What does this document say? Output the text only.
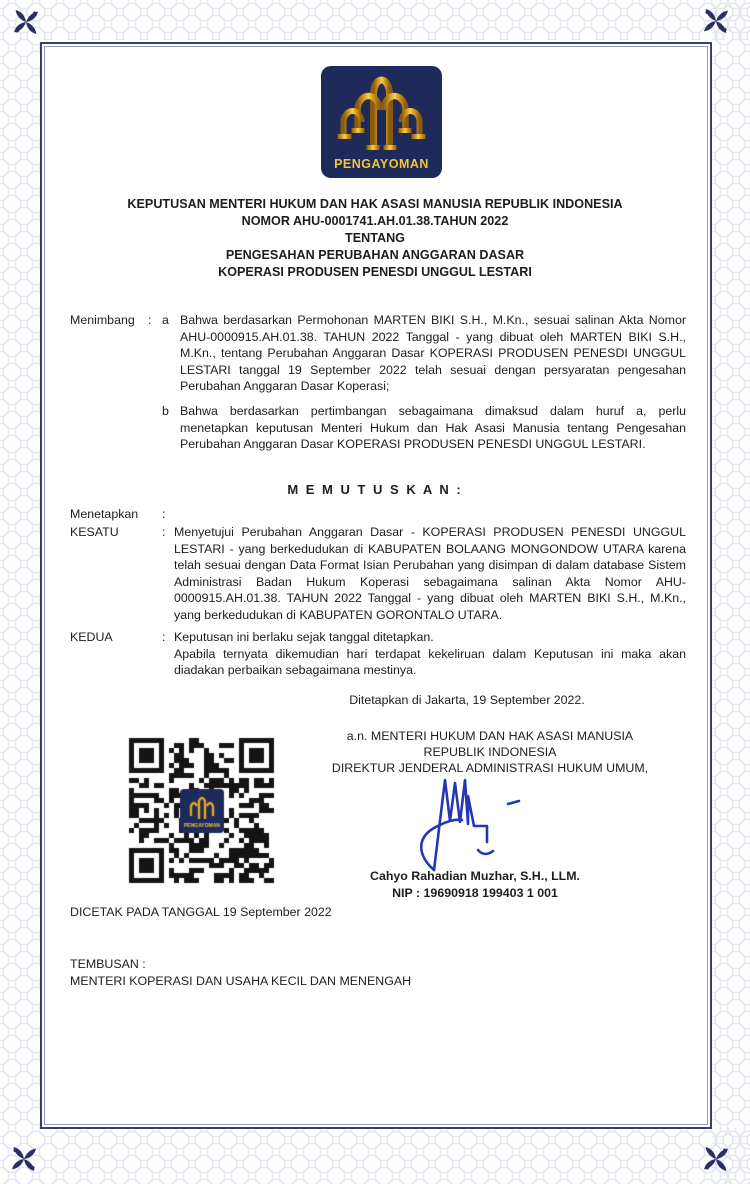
PENGAYOMAN
KEPUTUSAN MENTERI HUKUM DAN HAK ASASI MANUSIA REPUBLIK INDONESIA
NOMOR AHU-0001741.AH.01.38.TAHUN 2022
TENTANG
PENGESAHAN PERUBAHAN ANGGARAN DASAR
KOPERASI PRODUSEN PENESDI UNGGUL LESTARI
Menimbang	: a Bahwa berdasarkan Permohonan MARTEN BIKI S.H., M.Kn., sesuai salinan Akta Nomor AHU-0000915.AH.01.38. TAHUN 2022 Tanggal - yang dibuat oleh MARTEN BIKI S.H., M.Kn., tentang Perubahan Anggaran Dasar KOPERASI PRODUSEN PENESDI UNGGUL LESTARI tanggal 19 September 2022 telah sesuai dengan persyaratan pengesahan Perubahan Anggaran Dasar Koperasi;
b Bahwa berdasarkan pertimbangan sebagaimana dimaksud dalam huruf a, perlu menetapkan keputusan Menteri Hukum dan Hak Asasi Manusia tentang Pengesahan Perubahan Anggaran Dasar KOPERASI PRODUSEN PENESDI UNGGUL LESTARI.
M E M U T U S K A N :
Menetapkan	:
KESATU	: Menyetujui Perubahan Anggaran Dasar - KOPERASI PRODUSEN PENESDI UNGGUL LESTARI - yang berkedudukan di KABUPATEN BOLAANG MONGONDOW UTARA karena telah sesuai dengan Data Format Isian Perubahan yang disimpan di dalam database Sistem Administrasi Badan Hukum Koperasi sebagaimana salinan Akta Nomor AHU-0000915.AH.01.38. TAHUN 2022 Tanggal - yang dibuat oleh MARTEN BIKI S.H., M.Kn., yang berkedudukan di KABUPATEN GORONTALO UTARA.
KEDUA	: Keputusan ini berlaku sejak tanggal ditetapkan.
Apabila ternyata dikemudian hari terdapat kekeliruan dalam Keputusan ini maka akan diadakan perbaikan sebagaimana mestinya.
Ditetapkan di Jakarta, 19 September 2022.
a.n. MENTERI HUKUM DAN HAK ASASI MANUSIA
REPUBLIK INDONESIA
DIREKTUR JENDERAL ADMINISTRASI HUKUM UMUM,
Cahyo Rahadian Muzhar, S.H., LLM.
NIP : 19690918 199403 1 001
DICETAK PADA TANGGAL 19 September 2022
TEMBUSAN :
MENTERI KOPERASI DAN USAHA KECIL DAN MENENGAH
